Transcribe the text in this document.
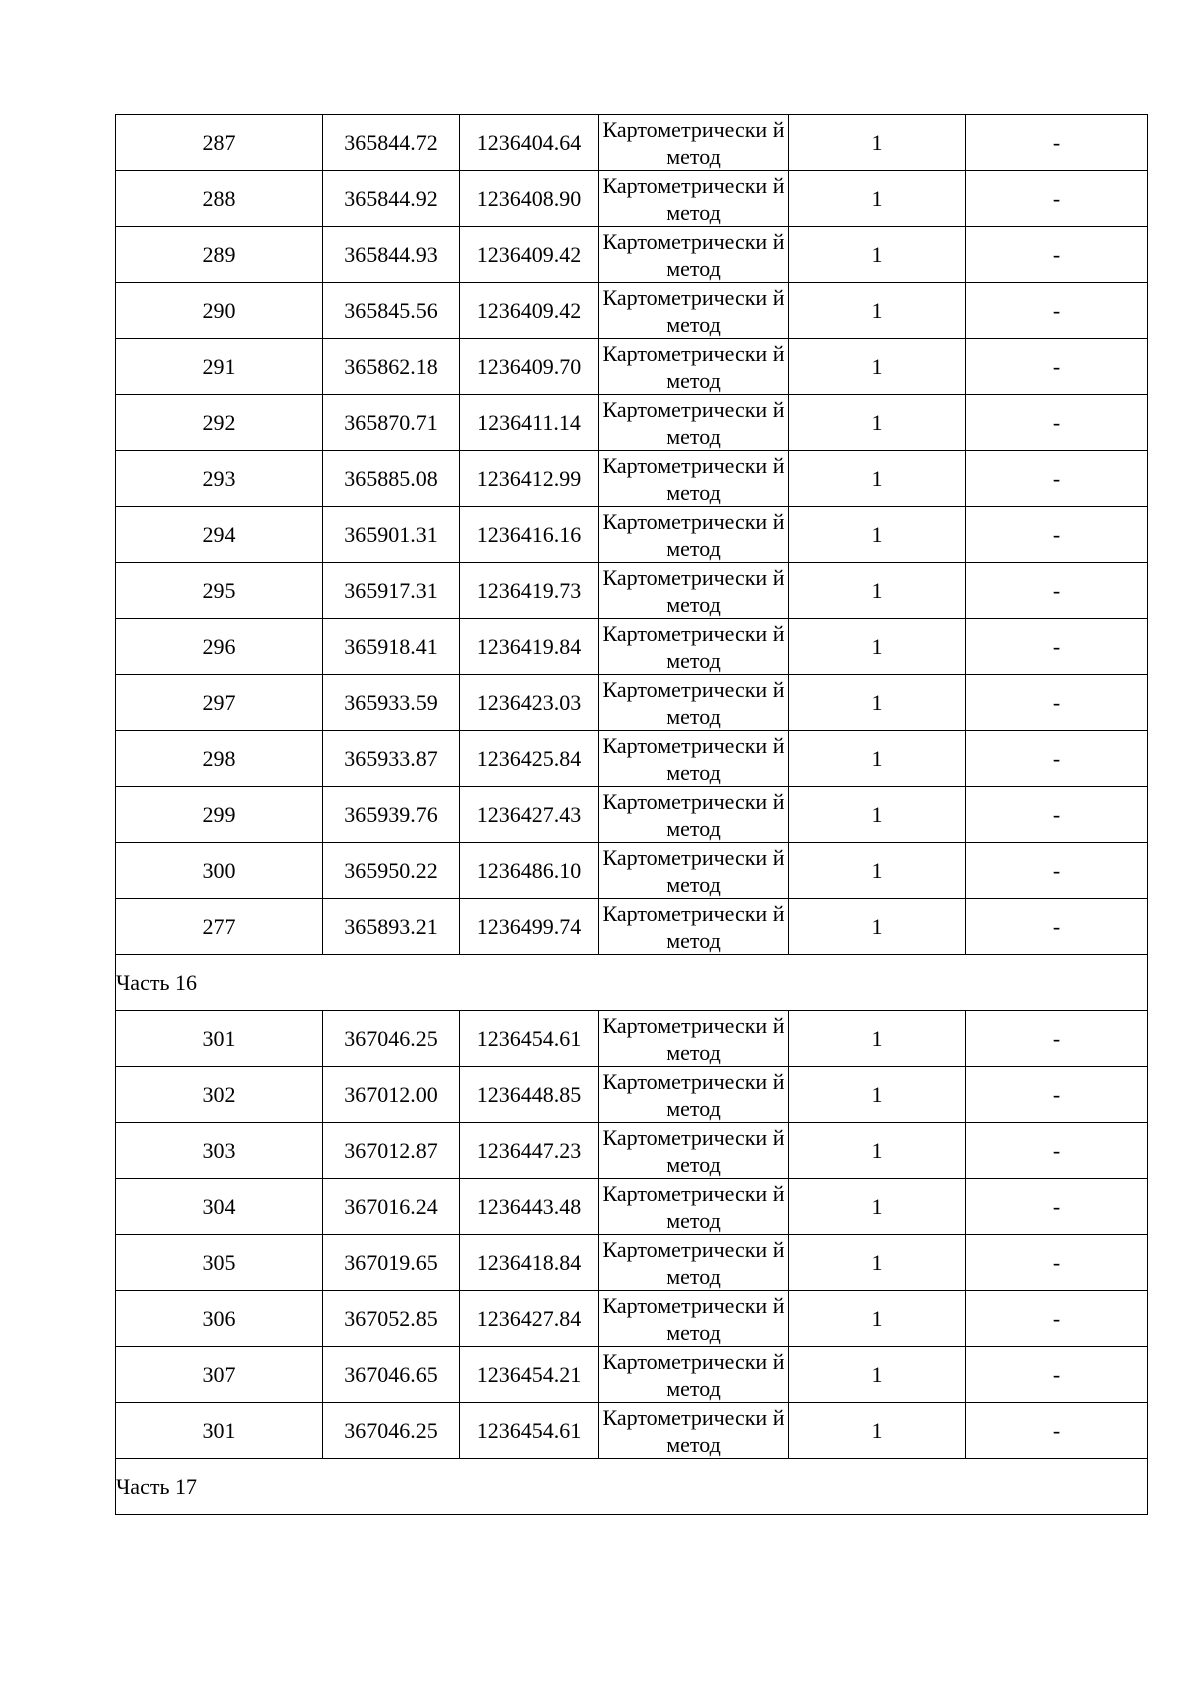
287	365844.72	1236404.64	Картометрически й метод	1	-
288	365844.92	1236408.90	Картометрически й метод	1	-
289	365844.93	1236409.42	Картометрически й метод	1	-
290	365845.56	1236409.42	Картометрически й метод	1	-
291	365862.18	1236409.70	Картометрически й метод	1	-
292	365870.71	1236411.14	Картометрически й метод	1	-
293	365885.08	1236412.99	Картометрически й метод	1	-
294	365901.31	1236416.16	Картометрически й метод	1	-
295	365917.31	1236419.73	Картометрически й метод	1	-
296	365918.41	1236419.84	Картометрически й метод	1	-
297	365933.59	1236423.03	Картометрически й метод	1	-
298	365933.87	1236425.84	Картометрически й метод	1	-
299	365939.76	1236427.43	Картометрически й метод	1	-
300	365950.22	1236486.10	Картометрически й метод	1	-
277	365893.21	1236499.74	Картометрически й метод	1	-
Часть 16					
301	367046.25	1236454.61	Картометрически й метод	1	-
302	367012.00	1236448.85	Картометрически й метод	1	-
303	367012.87	1236447.23	Картометрически й метод	1	-
304	367016.24	1236443.48	Картометрически й метод	1	-
305	367019.65	1236418.84	Картометрически й метод	1	-
306	367052.85	1236427.84	Картометрически й метод	1	-
307	367046.65	1236454.21	Картометрически й метод	1	-
301	367046.25	1236454.61	Картометрически й метод	1	-
Часть 17					
